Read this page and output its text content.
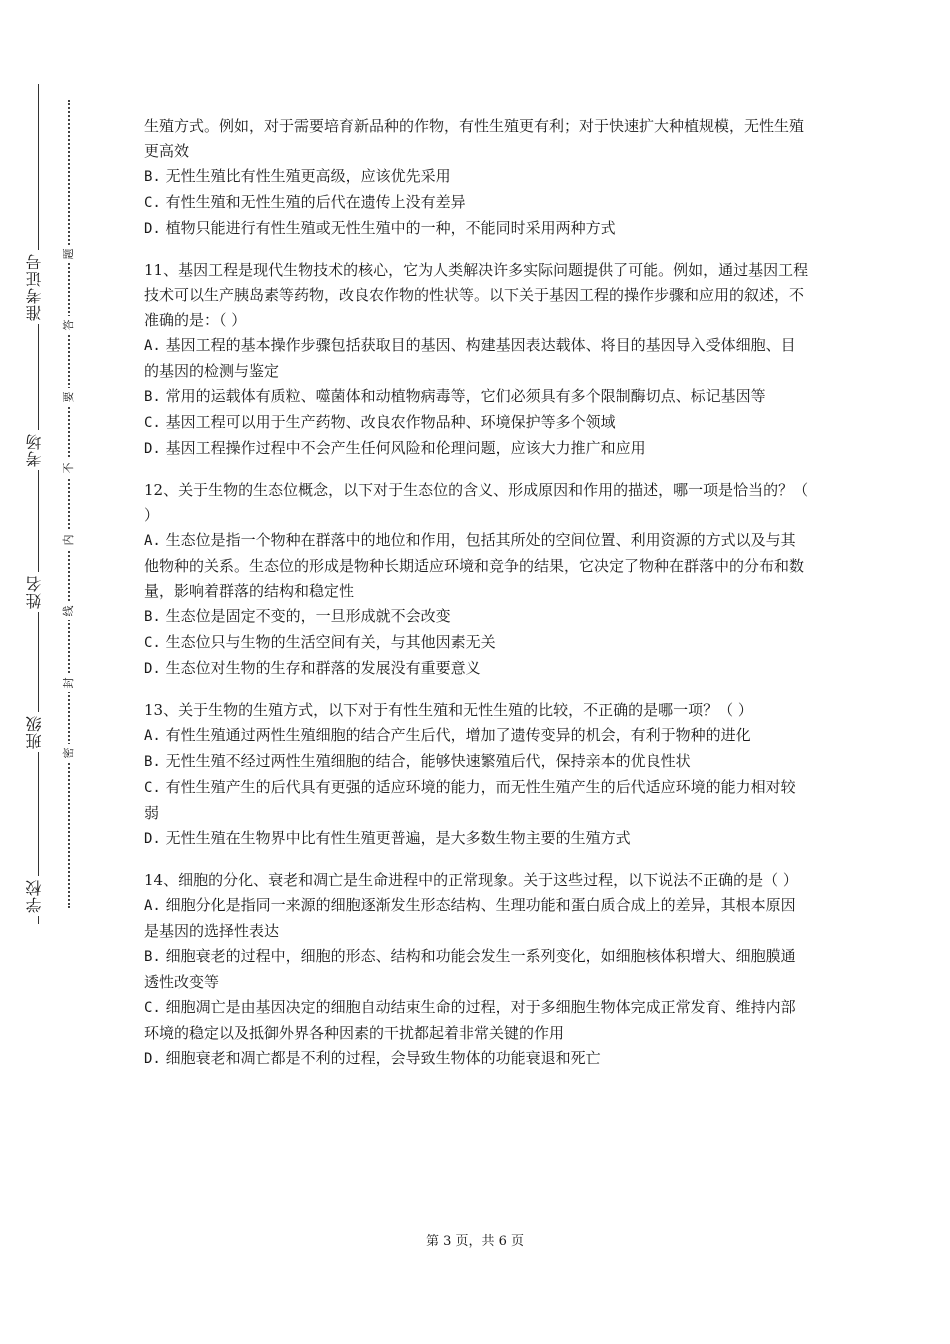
准考证号
考场
姓名
班级
学校
题
答
要
不
内
线
封
密

生殖方式。例如，对于需要培育新品种的作物，有性生殖更有利；对于快速扩大种植规模，无性生殖更高效

B. 无性生殖比有性生殖更高级，应该优先采用

C. 有性生殖和无性生殖的后代在遗传上没有差异

D. 植物只能进行有性生殖或无性生殖中的一种，不能同时采用两种方式

11、基因工程是现代生物技术的核心，它为人类解决许多实际问题提供了可能。例如，通过基因工程技术可以生产胰岛素等药物，改良农作物的性状等。以下关于基因工程的操作步骤和应用的叙述，不准确的是：（ ）

A. 基因工程的基本操作步骤包括获取目的基因、构建基因表达载体、将目的基因导入受体细胞、目的基因的检测与鉴定

B. 常用的运载体有质粒、噬菌体和动植物病毒等，它们必须具有多个限制酶切点、标记基因等

C. 基因工程可以用于生产药物、改良农作物品种、环境保护等多个领域

D. 基因工程操作过程中不会产生任何风险和伦理问题，应该大力推广和应用

12、关于生物的生态位概念，以下对于生态位的含义、形成原因和作用的描述，哪一项是恰当的？（ ）

A. 生态位是指一个物种在群落中的地位和作用，包括其所处的空间位置、利用资源的方式以及与其他物种的关系。生态位的形成是物种长期适应环境和竞争的结果，它决定了物种在群落中的分布和数量，影响着群落的结构和稳定性

B. 生态位是固定不变的，一旦形成就不会改变

C. 生态位只与生物的生活空间有关，与其他因素无关

D. 生态位对生物的生存和群落的发展没有重要意义

13、关于生物的生殖方式，以下对于有性生殖和无性生殖的比较，不正确的是哪一项？（ ）

A. 有性生殖通过两性生殖细胞的结合产生后代，增加了遗传变异的机会，有利于物种的进化

B. 无性生殖不经过两性生殖细胞的结合，能够快速繁殖后代，保持亲本的优良性状

C. 有性生殖产生的后代具有更强的适应环境的能力，而无性生殖产生的后代适应环境的能力相对较弱

D. 无性生殖在生物界中比有性生殖更普遍，是大多数生物主要的生殖方式

14、细胞的分化、衰老和凋亡是生命进程中的正常现象。关于这些过程，以下说法不正确的是（ ）

A. 细胞分化是指同一来源的细胞逐渐发生形态结构、生理功能和蛋白质合成上的差异，其根本原因是基因的选择性表达

B. 细胞衰老的过程中，细胞的形态、结构和功能会发生一系列变化，如细胞核体积增大、细胞膜通透性改变等

C. 细胞凋亡是由基因决定的细胞自动结束生命的过程，对于多细胞生物体完成正常发育、维持内部环境的稳定以及抵御外界各种因素的干扰都起着非常关键的作用

D. 细胞衰老和凋亡都是不利的过程，会导致生物体的功能衰退和死亡

第 3 页，共 6 页
